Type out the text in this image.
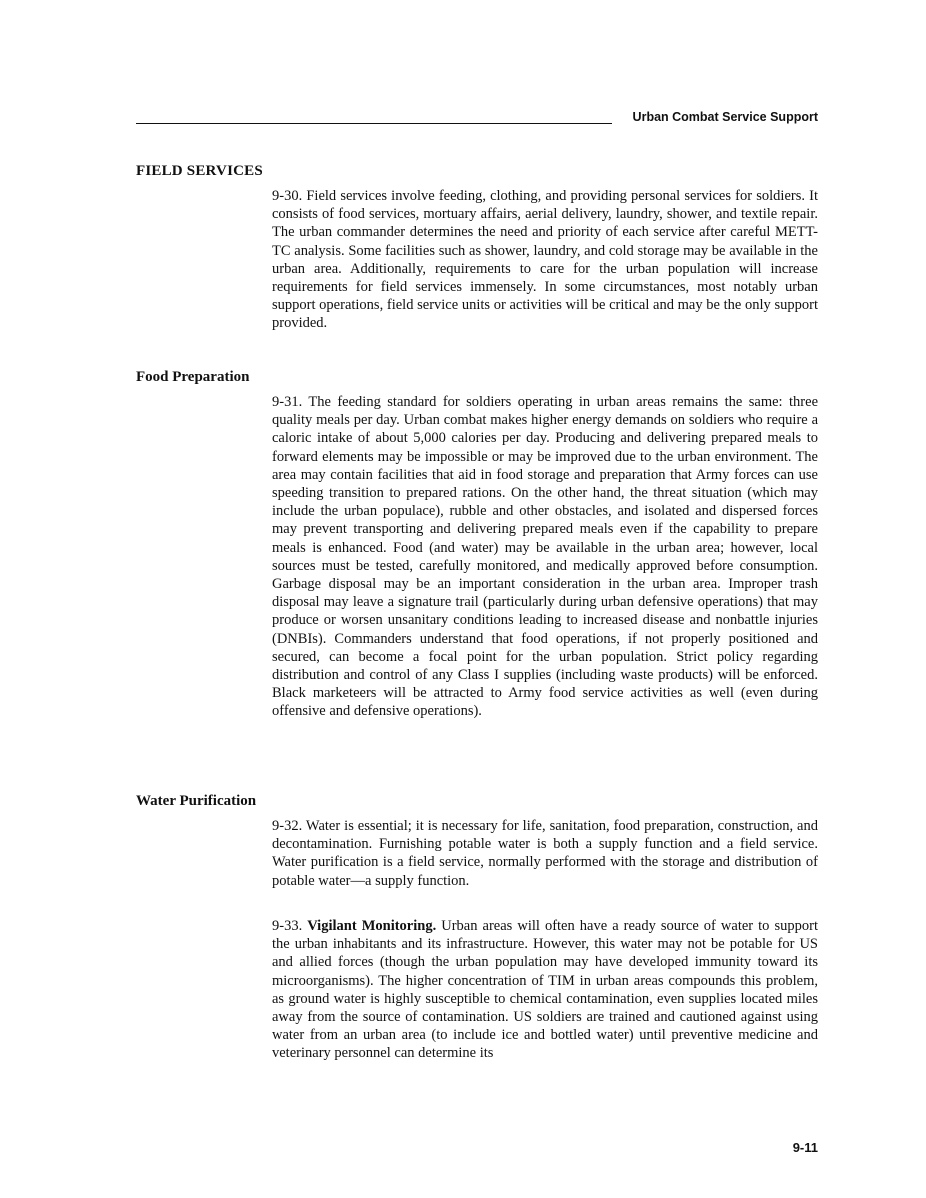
Urban Combat Service Support
FIELD SERVICES

9-30. Field services involve feeding, clothing, and providing personal services for soldiers. It consists of food services, mortuary affairs, aerial delivery, laundry, shower, and textile repair. The urban commander determines the need and priority of each service after careful METT-TC analysis. Some facilities such as shower, laundry, and cold storage may be available in the urban area. Additionally, requirements to care for the urban population will increase requirements for field services immensely. In some circumstances, most notably urban support operations, field service units or activities will be critical and may be the only support provided.

Food Preparation

9-31. The feeding standard for soldiers operating in urban areas remains the same: three quality meals per day. Urban combat makes higher energy demands on soldiers who require a caloric intake of about 5,000 calories per day. Producing and delivering prepared meals to forward elements may be impossible or may be improved due to the urban environment. The area may contain facilities that aid in food storage and preparation that Army forces can use speeding transition to prepared rations. On the other hand, the threat situation (which may include the urban populace), rubble and other obstacles, and isolated and dispersed forces may prevent transporting and delivering prepared meals even if the capability to prepare meals is enhanced. Food (and water) may be available in the urban area; however, local sources must be tested, carefully monitored, and medically approved before consumption. Garbage disposal may be an important consideration in the urban area. Improper trash disposal may leave a signature trail (particularly during urban defensive operations) that may produce or worsen unsanitary conditions leading to increased disease and nonbattle injuries (DNBIs). Commanders understand that food operations, if not properly positioned and secured, can become a focal point for the urban population. Strict policy regarding distribution and control of any Class I supplies (including waste products) will be enforced. Black marketeers will be attracted to Army food service activities as well (even during offensive and defensive operations).

Water Purification

9-32. Water is essential; it is necessary for life, sanitation, food preparation, construction, and decontamination. Furnishing potable water is both a supply function and a field service. Water purification is a field service, normally performed with the storage and distribution of potable water—a supply function.

9-33. Vigilant Monitoring. Urban areas will often have a ready source of water to support the urban inhabitants and its infrastructure. However, this water may not be potable for US and allied forces (though the urban population may have developed immunity toward its microorganisms). The higher concentration of TIM in urban areas compounds this problem, as ground water is highly susceptible to chemical contamination, even supplies located miles away from the source of contamination. US soldiers are trained and cautioned against using water from an urban area (to include ice and bottled water) until preventive medicine and veterinary personnel can determine its

9-11
